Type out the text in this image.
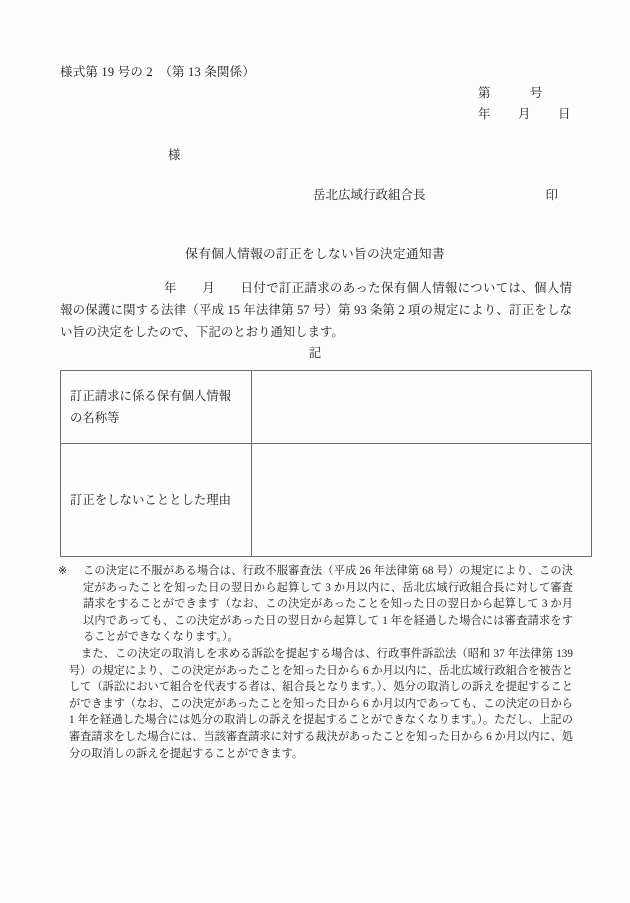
様式第 19 号の 2　（第 13 条関係）
第	号
年 月 日
様
岳北広域行政組合長	印
保有個人情報の訂正をしない旨の決定通知書
年　　月　　日付で訂正請求のあった保有個人情報については、個人情報の保護に関する法律（平成 15 年法律第 57 号）第 93 条第 2 項の規定により、訂正をしない旨の決定をしたので、下記のとおり通知します。
記
訂正請求に係る保有個人情報の名称等	
訂正をしないこととした理由	
※ この決定に不服がある場合は、行政不服審査法（平成 26 年法律第 68 号）の規定により、この決定があったことを知った日の翌日から起算して 3 か月以内に、岳北広域行政組合長に対して審査請求をすることができます（なお、この決定があったことを知った日の翌日から起算して 3 か月以内であっても、この決定があった日の翌日から起算して 1 年を経過した場合には審査請求をすることができなくなります。）。
また、この決定の取消しを求める訴訟を提起する場合は、行政事件訴訟法（昭和 37 年法律第 139 号）の規定により、この決定があったことを知った日から 6 か月以内に、岳北広域行政組合を被告として（訴訟において組合を代表する者は、組合長となります。）、処分の取消しの訴えを提起することができます（なお、この決定があったことを知った日から 6 か月以内であっても、この決定の日から 1 年を経過した場合には処分の取消しの訴えを提起することができなくなります。）。ただし、上記の審査請求をした場合には、当該審査請求に対する裁決があったことを知った日から 6 か月以内に、処分の取消しの訴えを提起することができます。
